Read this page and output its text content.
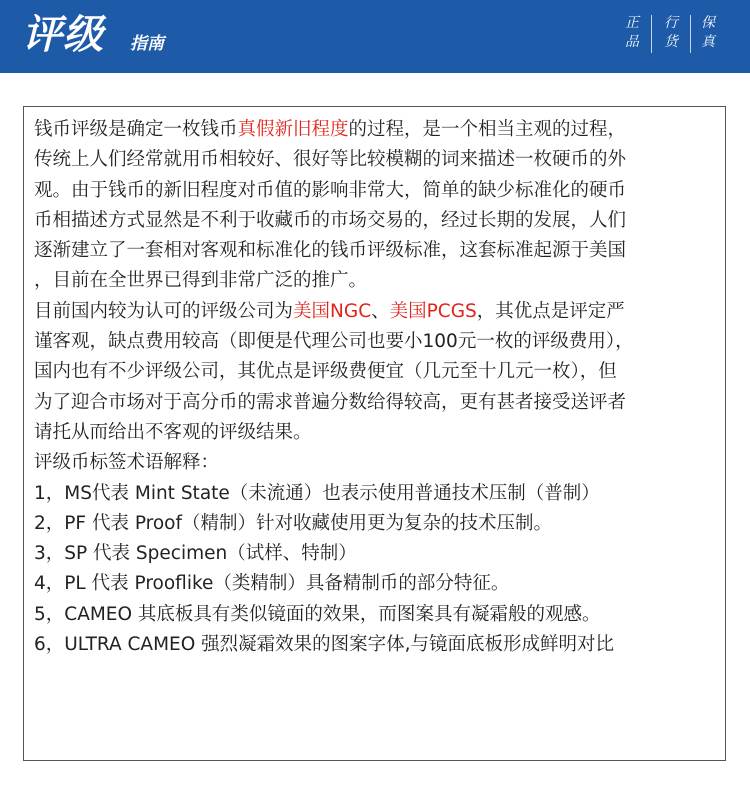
评级 指南
正品
行货
保真
钱币评级是确定一枚钱币真假新旧程度的过程，是一个相当主观的过程，
传统上人们经常就用币相较好、很好等比较模糊的词来描述一枚硬币的外
观。由于钱币的新旧程度对币值的影响非常大，简单的缺少标准化的硬币
币相描述方式显然是不利于收藏币的市场交易的，经过长期的发展，人们
逐渐建立了一套相对客观和标准化的钱币评级标准，这套标准起源于美国
，目前在全世界已得到非常广泛的推广。
目前国内较为认可的评级公司为美国NGC、美国PCGS，其优点是评定严
谨客观，缺点费用较高（即便是代理公司也要小100元一枚的评级费用），
国内也有不少评级公司，其优点是评级费便宜（几元至十几元一枚），但
为了迎合市场对于高分币的需求普遍分数给得较高，更有甚者接受送评者
请托从而给出不客观的评级结果。
评级币标签术语解释：
1，MS代表 Mint State（未流通）也表示使用普通技术压制（普制）
2，PF 代表 Proof（精制）针对收藏使用更为复杂的技术压制。
3，SP 代表 Specimen（试样、特制）
4，PL 代表 Prooflike（类精制）具备精制币的部分特征。
5，CAMEO 其底板具有类似镜面的效果，而图案具有凝霜般的观感。
6，ULTRA CAMEO 强烈凝霜效果的图案字体,与镜面底板形成鲜明对比
